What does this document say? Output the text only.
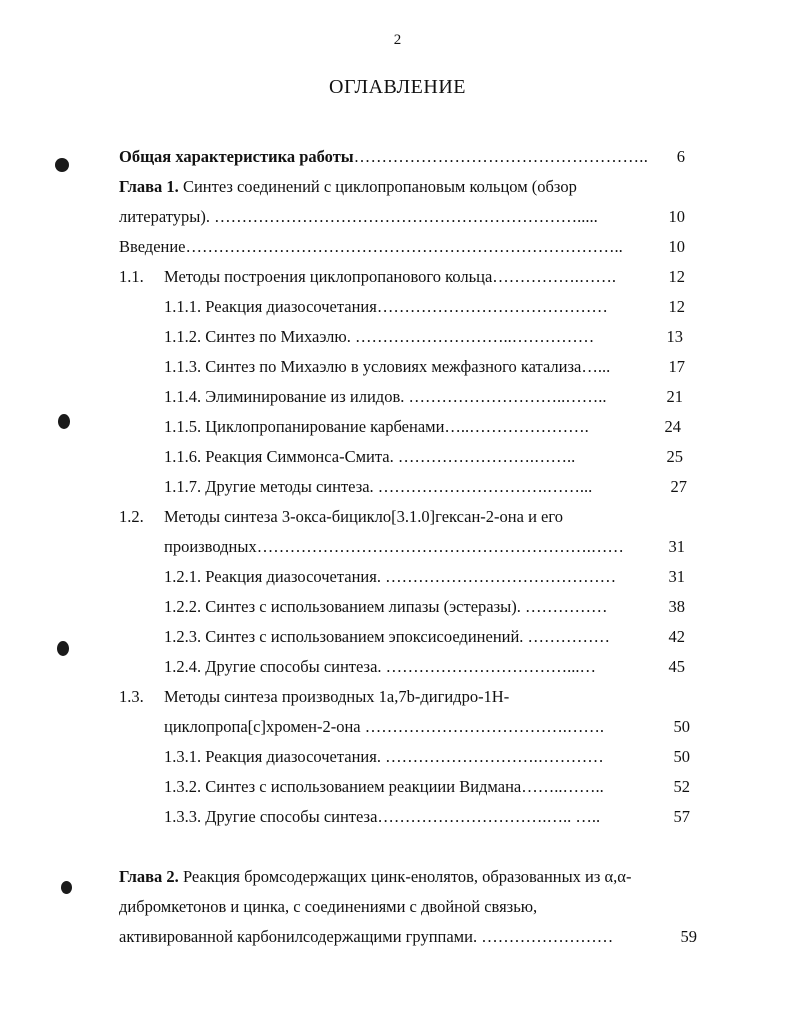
2
ОГЛАВЛЕНИЕ
Общая характеристика работы……………………………………………..	6
Глава 1. Синтез соединений с циклопропановым кольцом (обзор
литературы). ………………………………………………………….....	10
Введение……………………………………………………………………..	10
1.1. Методы построения циклопропанового кольца…………….…….	12
1.1.1. Реакция диазосочетания……………………………………	12
1.1.2. Синтез по Михаэлю. ………………………..……………	13
1.1.3. Синтез по Михаэлю в условиях межфазного катализа…...	17
1.1.4. Элиминирование из илидов. ………………………..……..	21
1.1.5. Циклопропанирование карбенами…..………………….	24
1.1.6. Реакция Симмонса-Смита. …………………….……..	25
1.1.7. Другие методы синтеза. ………………………….……...	27
1.2. Методы синтеза 3-окса-бицикло[3.1.0]гексан-2-она и его
производных…………………………………………………….……	31
1.2.1. Реакция диазосочетания. ……………………………………	31
1.2.2. Синтез с использованием липазы (эстеразы). ……………	38
1.2.3. Синтез с использованием эпоксисоединений. ……………	42
1.2.4. Другие способы синтеза. ……………………………...…	45
1.3. Методы синтеза производных 1a,7b-дигидро-1H-
циклопропа[c]хромен-2-она ……………………………….…….	50
1.3.1. Реакция диазосочетания. ……………………….…………	50
1.3.2. Синтез с использованием реакциии Видмана……..……..	52
1.3.3. Другие способы синтеза………………………….….. …..	57
Глава 2. Реакция бромсодержащих цинк-енолятов, образованных из α,α-
дибромкетонов и цинка, с соединениями с двойной связью,
активированной карбонилсодержащими группами. ……………………	59
